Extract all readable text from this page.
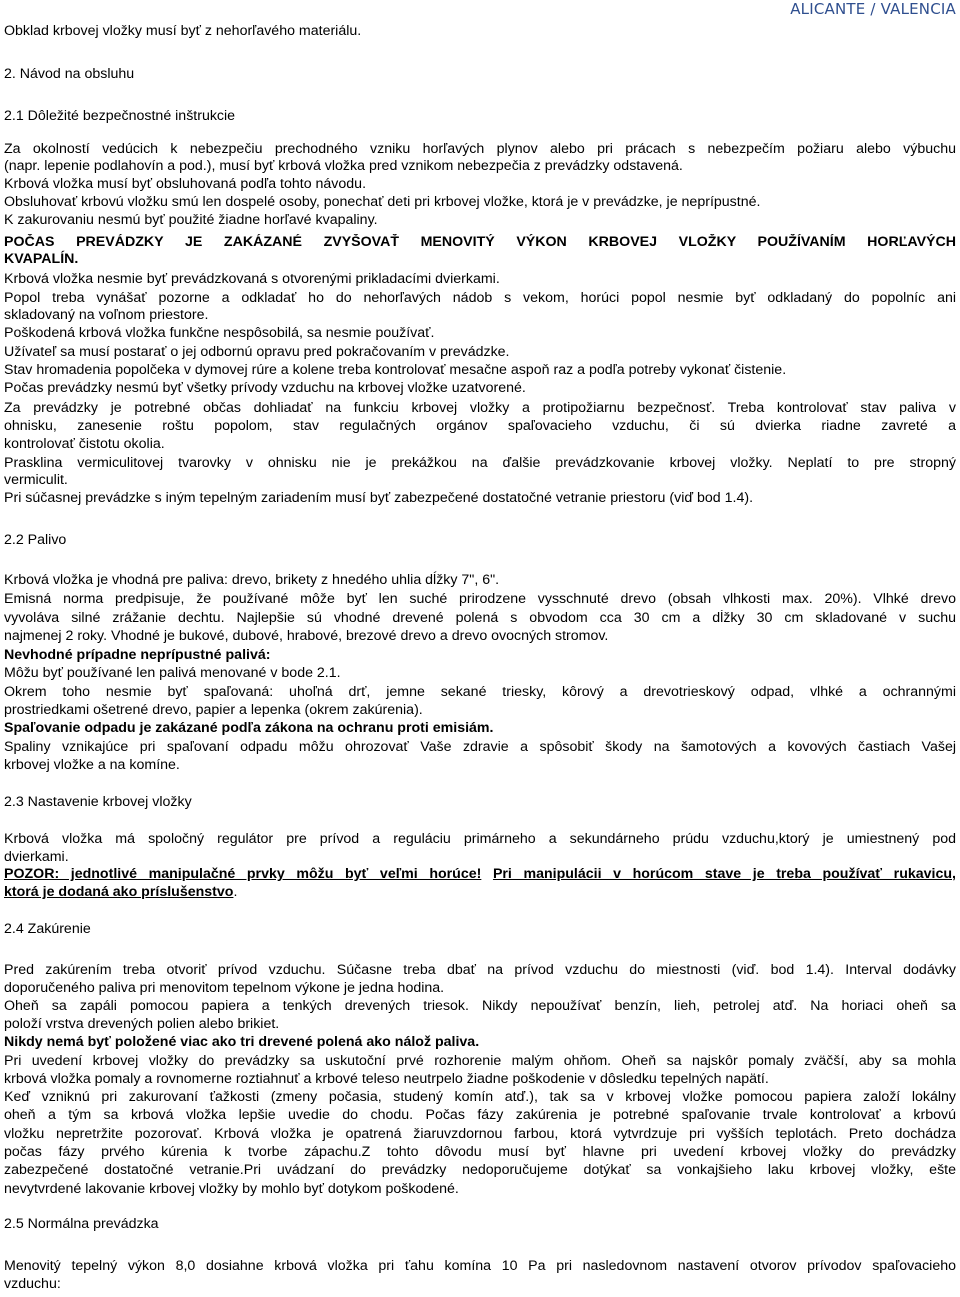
ALICANTE / VALENCIA
Obklad krbovej vložky musí byť z nehorľavého materiálu.
2. Návod na obsluhu
2.1 Dôležité bezpečnostné inštrukcie
Za okolností vedúcich k nebezpečiu prechodného vzniku horľavých plynov alebo pri prácach s nebezpečím požiaru alebo výbuchu
(napr. lepenie podlahovín a pod.), musí byť krbová vložka pred vznikom nebezpečia z prevádzky odstavená.
Krbová vložka musí byť obsluhovaná podľa tohto návodu.
Obsluhovať krbovú vložku smú len dospelé osoby, ponechať deti pri krbovej vložke, ktorá je v prevádzke, je neprípustné.
K zakurovaniu nesmú byť použité žiadne horľavé kvapaliny.
POČAS PREVÁDZKY JE ZAKÁZANÉ ZVYŠOVAŤ MENOVITÝ VÝKON KRBOVEJ VLOŽKY POUŽÍVANÍM HORĽAVÝCH
KVAPALÍN.
Krbová vložka nesmie byť prevádzkovaná s otvorenými prikladacími dvierkami.
Popol treba vynášať pozorne a odkladať ho do nehorľavých nádob s vekom, horúci popol nesmie byť odkladaný do popolníc ani
skladovaný na voľnom priestore.
Poškodená krbová vložka funkčne nespôsobilá, sa nesmie používať.
Užívateľ sa musí postarať o jej odbornú opravu pred pokračovaním v prevádzke.
Stav hromadenia popolčeka v dymovej rúre a kolene treba kontrolovať mesačne aspoň raz a podľa potreby vykonať čistenie.
Počas prevádzky nesmú byť všetky prívody vzduchu na krbovej vložke uzatvorené.
Za prevádzky je potrebné občas dohliadať na funkciu krbovej vložky a protipožiarnu bezpečnosť. Treba kontrolovať stav paliva v
ohnisku, zanesenie roštu popolom, stav regulačných orgánov spaľovacieho vzduchu, či sú dvierka riadne zavreté a
kontrolovať čistotu okolia.
Prasklina vermiculitovej tvarovky v ohnisku nie je prekážkou na ďalšie prevádzkovanie krbovej vložky. Neplatí to pre stropný
vermiculit.
Pri súčasnej prevádzke s iným tepelným zariadením musí byť zabezpečené dostatočné vetranie priestoru (viď bod 1.4).
2.2 Palivo
Krbová vložka je vhodná pre paliva: drevo, brikety z hnedého uhlia dĺžky 7", 6".
Emisná norma predpisuje, že používané môže byť len suché prirodzene vysschnuté drevo (obsah vlhkosti max. 20%). Vlhké drevo
vyvoláva silné zrážanie dechtu. Najlepšie sú vhodné drevené polená s obvodom cca 30 cm a dĺžky 30 cm skladované v suchu
najmenej 2 roky. Vhodné je bukové, dubové, hrabové, brezové drevo a drevo ovocných stromov.
Nevhodné prípadne neprípustné palivá:
Môžu byť používané len palivá menované v bode 2.1.
Okrem toho nesmie byť spaľovaná: uhoľná drť, jemne sekané triesky, kôrový a drevotrieskový odpad, vlhké a ochrannými
prostriedkami ošetrené drevo, papier a lepenka (okrem zakúrenia).
Spaľovanie odpadu je zakázané podľa zákona na ochranu proti emisiám.
Spaliny vznikajúce pri spaľovaní odpadu môžu ohrozovať Vaše zdravie a spôsobiť škody na šamotových a kovových častiach Vašej
krbovej vložke a na komíne.
2.3 Nastavenie krbovej vložky
Krbová vložka má spoločný regulátor pre prívod a reguláciu primárneho a sekundárneho prúdu vzduchu,ktorý je umiestnený pod
dvierkami.
POZOR: jednotlivé manipulačné prvky môžu byť veľmi horúce! Pri manipulácii v horúcom stave je treba používať rukavicu,
ktorá je dodaná ako príslušenstvo.
2.4 Zakúrenie
Pred zakúrením treba otvoriť prívod vzduchu. Súčasne treba dbať na prívod vzduchu do miestnosti (viď. bod 1.4). Interval dodávky
doporučeného paliva pri menovitom tepelnom výkone je jedna hodina.
Oheň sa zapáli pomocou papiera a tenkých drevených triesok. Nikdy nepoužívať benzín, lieh, petrolej atď. Na horiaci oheň sa
položí vrstva drevených polien alebo brikiet.
Nikdy nemá byť položené viac ako tri drevené polená ako nálož paliva.
Pri uvedení krbovej vložky do prevádzky sa uskutoční prvé rozhorenie malým ohňom. Oheň sa najskôr pomaly zväčší, aby sa mohla
krbová vložka pomaly a rovnomerne roztiahnuť a krbové teleso neutrpelo žiadne poškodenie v dôsledku tepelných napätí.
Keď vzniknú pri zakurovaní ťažkosti (zmeny počasia, studený komín atď.), tak sa v krbovej vložke pomocou papiera založí lokálny
oheň a tým sa krbová vložka lepšie uvedie do chodu. Počas fázy zakúrenia je potrebné spaľovanie trvale kontrolovať a krbovú
vložku nepretržite pozorovať. Krbová vložka je opatrená žiaruvzdornou farbou, ktorá vytvrdzuje pri vyšších teplotách. Preto dochádza
počas fázy prvého kúrenia k tvorbe zápachu.Z tohto dôvodu musí byť hlavne pri uvedení krbovej vložky do prevádzky
zabezpečené dostatočné vetranie.Pri uvádzaní do prevádzky nedoporučujeme dotýkať sa vonkajšieho laku krbovej vložky, ešte
nevytvrdené lakovanie krbovej vložky by mohlo byť dotykom poškodené.
2.5 Normálna prevádzka
Menovitý tepelný výkon 8,0 dosiahne krbová vložka pri ťahu komína 10 Pa pri nasledovnom nastavení otvorov prívodov spaľovacieho
vzduchu:
